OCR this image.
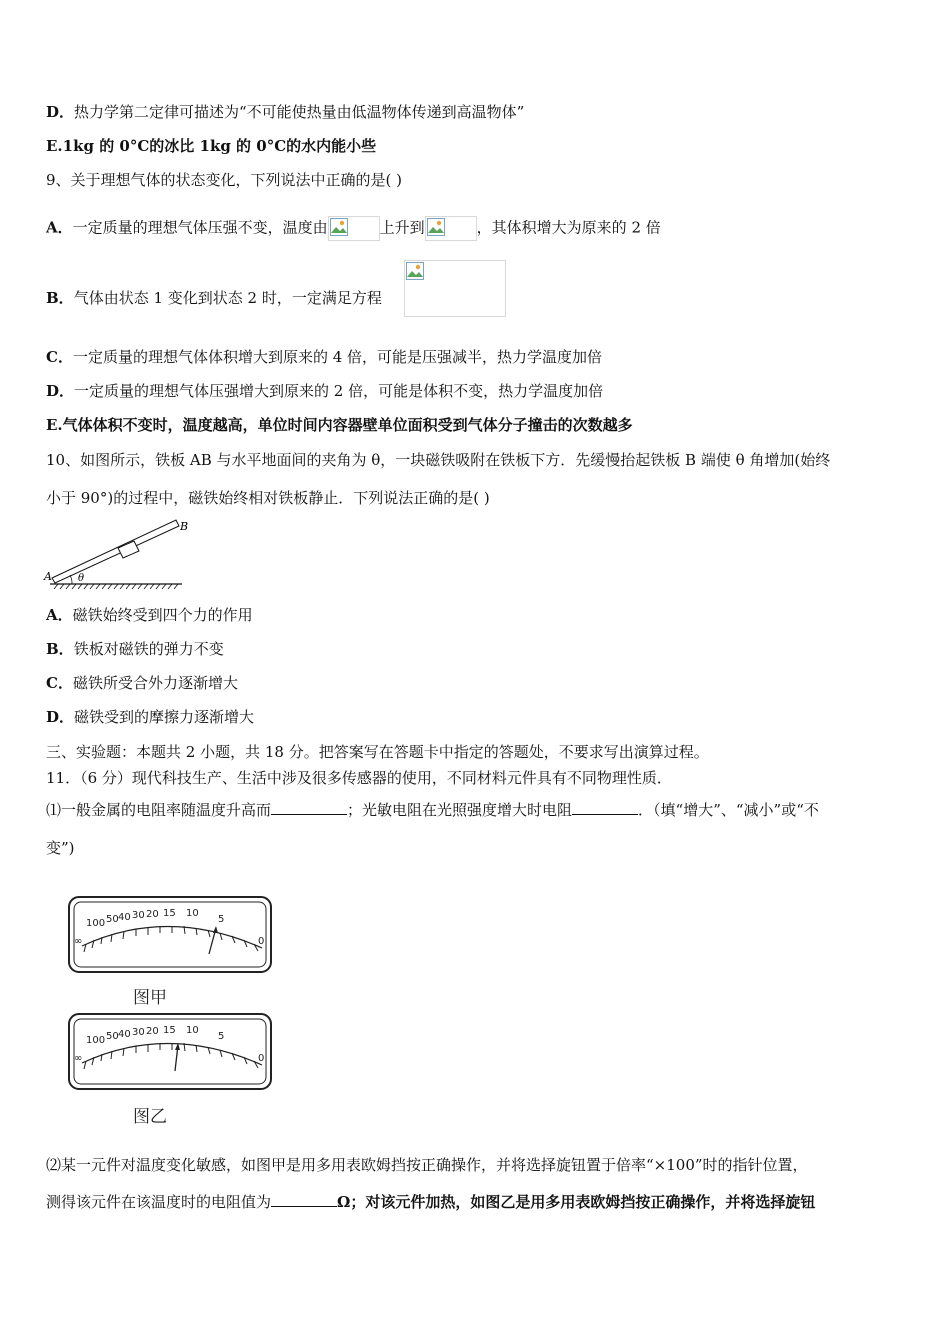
D．热力学第二定律可描述为“不可能使热量由低温物体传递到高温物体”
E.1kg 的 0°C的冰比 1kg 的 0°C的水内能小些
9、关于理想气体的状态变化，下列说法中正确的是( )
A．一定质量的理想气体压强不变，温度由	上升到	，其体积增大为原来的 2 倍
B．气体由状态 1 变化到状态 2 时，一定满足方程
C．一定质量的理想气体体积增大到原来的 4 倍，可能是压强减半，热力学温度加倍
D．一定质量的理想气体压强增大到原来的 2 倍，可能是体积不变，热力学温度加倍
E.气体体积不变时，温度越高，单位时间内容器壁单位面积受到气体分子撞击的次数越多
10、如图所示，铁板 AB 与水平地面间的夹角为 θ，一块磁铁吸附在铁板下方．先缓慢抬起铁板 B 端使 θ 角增加(始终
小于 90°)的过程中，磁铁始终相对铁板静止．下列说法正确的是( )
A
B
θ
A．磁铁始终受到四个力的作用
B．铁板对磁铁的弹力不变
C．磁铁所受合外力逐渐增大
D．磁铁受到的摩擦力逐渐增大
三、实验题：本题共 2 小题，共 18 分。把答案写在答题卡中指定的答题处，不要求写出演算过程。
11．（6 分）现代科技生产、生活中涉及很多传感器的使用，不同材料元件具有不同物理性质．
⑴一般金属的电阻率随温度升高而	；光敏电阻在光照强度增大时电阻	．（填“增大”、“减小”或“不
变”)
100 50 40 30 20 15 10
5
0
∞
图甲
100 50 40 30 20 15 10
5
0
∞
图乙
⑵某一元件对温度变化敏感，如图甲是用多用表欧姆挡按正确操作，并将选择旋钮置于倍率“×100”时的指针位置，
测得该元件在该温度时的电阻值为	Ω；对该元件加热，如图乙是用多用表欧姆挡按正确操作，并将选择旋钮
